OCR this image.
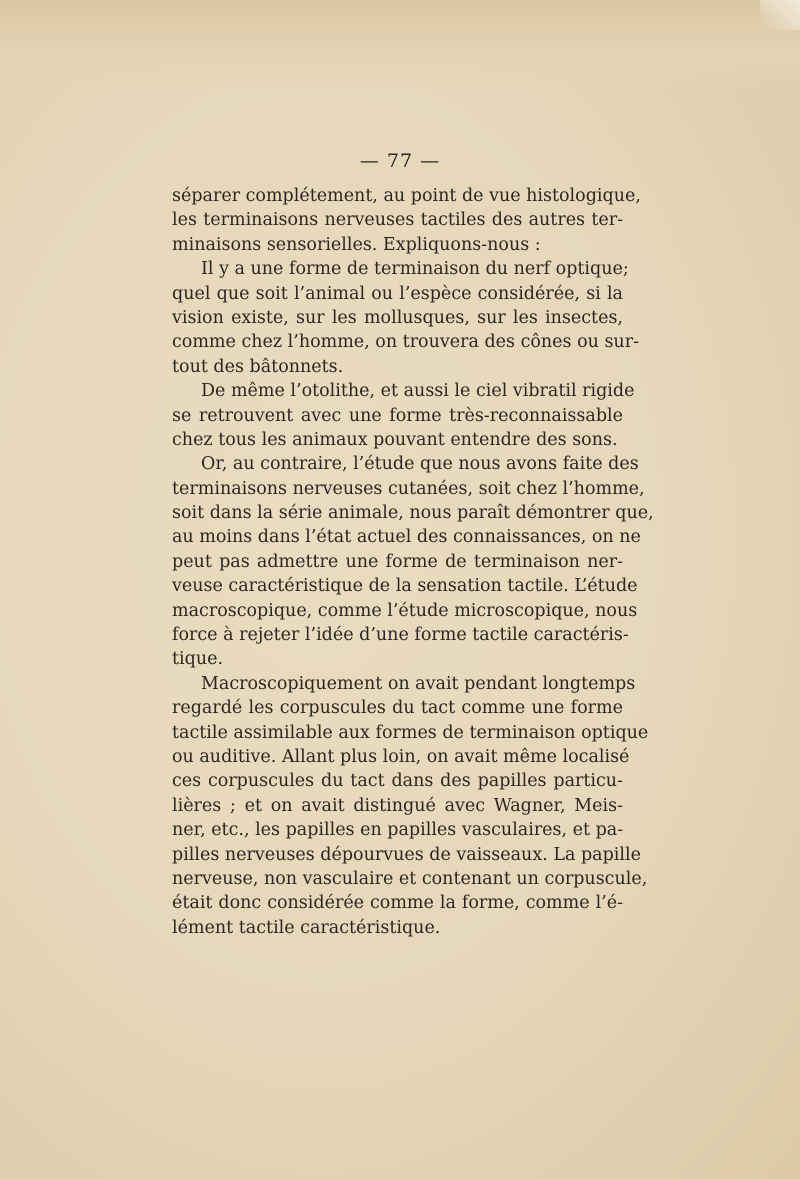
— 77 —
séparer complétement, au point de vue histologique,
les terminaisons nerveuses tactiles des autres ter-
minaisons sensorielles. Expliquons-nous :
Il y a une forme de terminaison du nerf optique;
quel que soit l’animal ou l’espèce considérée, si la
vision existe, sur les mollusques, sur les insectes,
comme chez l’homme, on trouvera des cônes ou sur-
tout des bâtonnets.
De même l’otolithe, et aussi le ciel vibratil rigide
se retrouvent avec une forme très-reconnaissable
chez tous les animaux pouvant entendre des sons.
Or, au contraire, l’étude que nous avons faite des
terminaisons nerveuses cutanées, soit chez l’homme,
soit dans la série animale, nous paraît démontrer que,
au moins dans l’état actuel des connaissances, on ne
peut pas admettre une forme de terminaison ner-
veuse caractéristique de la sensation tactile. L’étude
macroscopique, comme l’étude microscopique, nous
force à rejeter l’idée d’une forme tactile caractéris-
tique.
Macroscopiquement on avait pendant longtemps
regardé les corpuscules du tact comme une forme
tactile assimilable aux formes de terminaison optique
ou auditive. Allant plus loin, on avait même localisé
ces corpuscules du tact dans des papilles particu-
lières ; et on avait distingué avec Wagner, Meis-
ner, etc., les papilles en papilles vasculaires, et pa-
pilles nerveuses dépourvues de vaisseaux. La papille
nerveuse, non vasculaire et contenant un corpuscule,
était donc considérée comme la forme, comme l’é-
lément tactile caractéristique.
